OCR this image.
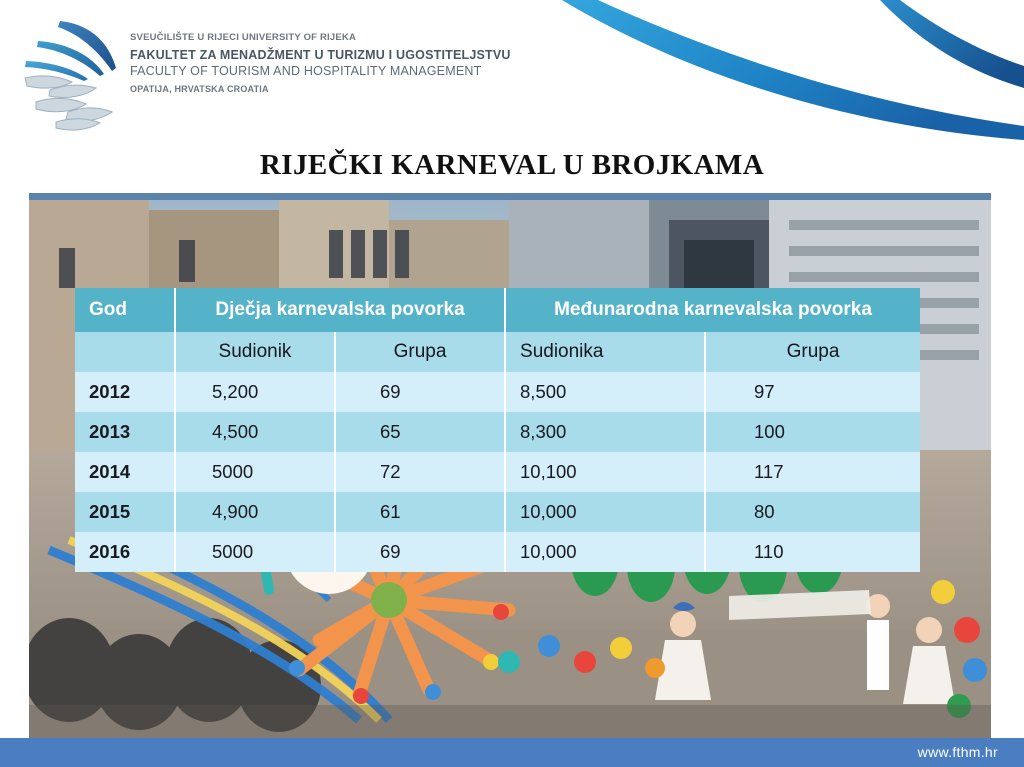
SVEUČILIŠTE U RIJECI UNIVERSITY OF RIJEKA
FAKULTET ZA MENADŽMENT U TURIZMU I UGOSTITELJSTVU
FACULTY OF TOURISM AND HOSPITALITY MANAGEMENT
OPATIJA, HRVATSKA CROATIA
RIJEČKI KARNEVAL U BROJKAMA
God	Dječja karnevalska povorka		Međunarodna karnevalska povorka	
	Sudionik	Grupa	Sudionika	Grupa
2012	5,200	69	8,500	97
2013	4,500	65	8,300	100
2014	5000	72	10,100	117
2015	4,900	61	10,000	80
2016	5000	69	10,000	110
www.fthm.hr
